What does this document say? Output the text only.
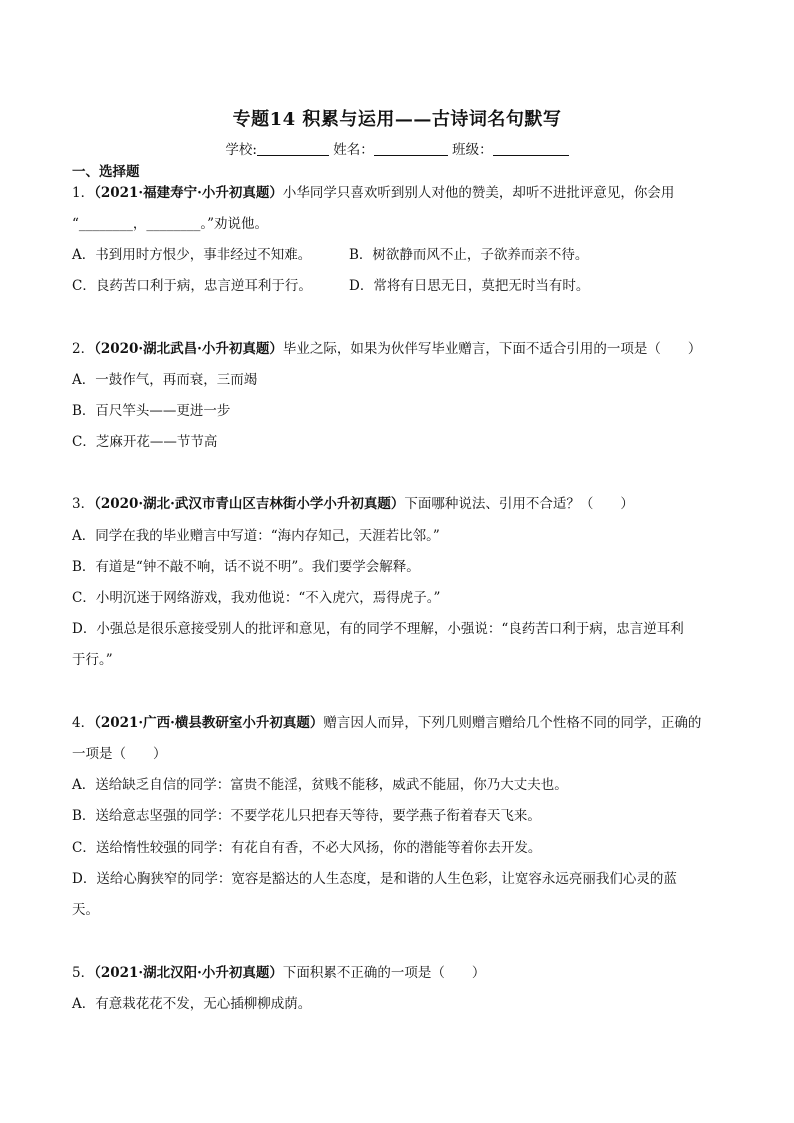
专题14 积累与运用——古诗词名句默写
学校:	姓名：	班级：
一、选择题
1．（2021·福建寿宁·小升初真题）小华同学只喜欢听到别人对他的赞美，却听不进批评意见，你会用
“________，________。”劝说他。
A．书到用时方恨少，事非经过不知难。	B．树欲静而风不止，子欲养而亲不待。
C．良药苦口利于病，忠言逆耳利于行。	D．常将有日思无日，莫把无时当有时。
2．（2020·湖北武昌·小升初真题）毕业之际，如果为伙伴写毕业赠言，下面不适合引用的一项是（　　）
A．一鼓作气，再而衰，三而竭
B．百尺竿头——更进一步
C．芝麻开花——节节高
3．（2020·湖北·武汉市青山区吉林街小学小升初真题）下面哪种说法、引用不合适？（　　）
A．同学在我的毕业赠言中写道：“海内存知己，天涯若比邻。”
B．有道是“钟不敲不响，话不说不明”。我们要学会解释。
C．小明沉迷于网络游戏，我劝他说：“不入虎穴，焉得虎子。”
D．小强总是很乐意接受别人的批评和意见，有的同学不理解，小强说：“良药苦口利于病，忠言逆耳利
于行。”
4．（2021·广西·横县教研室小升初真题）赠言因人而异，下列几则赠言赠给几个性格不同的同学，正确的
一项是（　　）
A．送给缺乏自信的同学：富贵不能淫，贫贱不能移，威武不能屈，你乃大丈夫也。
B．送给意志坚强的同学：不要学花儿只把春天等待，要学燕子衔着春天飞来。
C．送给惰性较强的同学：有花自有香，不必大风扬，你的潜能等着你去开发。
D．送给心胸狭窄的同学：宽容是豁达的人生态度，是和谐的人生色彩，让宽容永远亮丽我们心灵的蓝
天。
5．（2021·湖北汉阳·小升初真题）下面积累不正确的一项是（　　）
A．有意栽花花不发，无心插柳柳成荫。
